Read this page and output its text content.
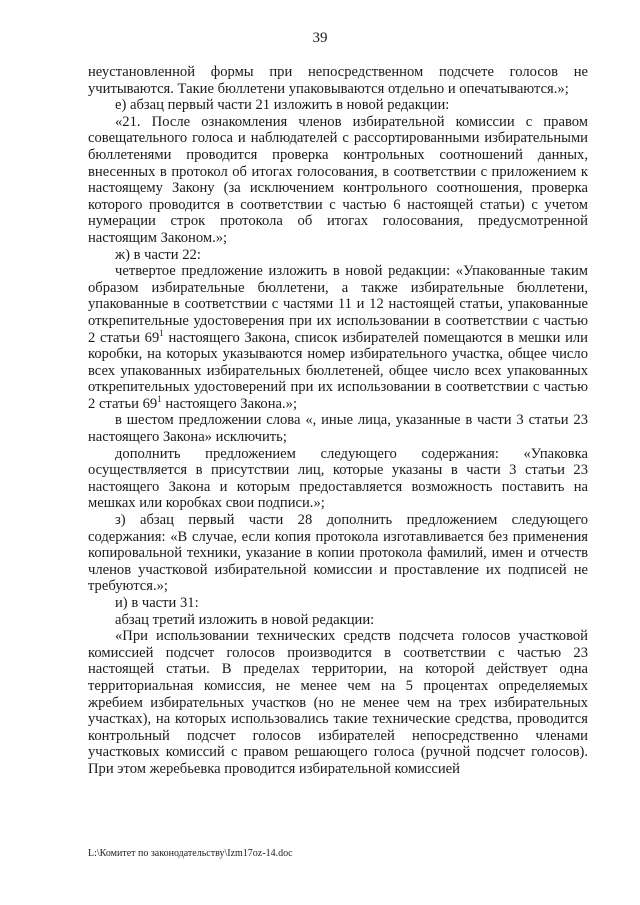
39

неустановленной формы при непосредственном подсчете голосов не учитываются. Такие бюллетени упаковываются отдельно и опечатываются.»;

е) абзац первый части 21 изложить в новой редакции:

«21. После ознакомления членов избирательной комиссии с правом совещательного голоса и наблюдателей с рассортированными избирательными бюллетенями проводится проверка контрольных соотношений данных, внесенных в протокол об итогах голосования, в соответствии с приложением к настоящему Закону (за исключением контрольного соотношения, проверка которого проводится в соответствии с частью 6 настоящей статьи) с учетом нумерации строк протокола об итогах голосования, предусмотренной настоящим Законом.»;

ж) в части 22:

четвертое предложение изложить в новой редакции: «Упакованные таким образом избирательные бюллетени, а также избирательные бюллетени, упакованные в соответствии с частями 11 и 12 настоящей статьи, упакованные открепительные удостоверения при их использовании в соответствии с частью 2 статьи $69^1$ настоящего Закона, список избирателей помещаются в мешки или коробки, на которых указываются номер избирательного участка, общее число всех упакованных избирательных бюллетеней, общее число всех упакованных открепительных удостоверений при их использовании в соответствии с частью 2 статьи $69^1$ настоящего Закона.»;

в шестом предложении слова «, иные лица, указанные в части 3 статьи 23 настоящего Закона» исключить;

дополнить предложением следующего содержания: «Упаковка осуществляется в присутствии лиц, которые указаны в части 3 статьи 23 настоящего Закона и которым предоставляется возможность поставить на мешках или коробках свои подписи.»;

з) абзац первый части 28 дополнить предложением следующего содержания: «В случае, если копия протокола изготавливается без применения копировальной техники, указание в копии протокола фамилий, имен и отчеств членов участковой избирательной комиссии и проставление их подписей не требуются.»;

и) в части 31:

абзац третий изложить в новой редакции:

«При использовании технических средств подсчета голосов участковой комиссией подсчет голосов производится в соответствии с частью 23 настоящей статьи. В пределах территории, на которой действует одна территориальная комиссия, не менее чем на 5 процентах определяемых жребием избирательных участков (но не менее чем на трех избирательных участках), на которых использовались такие технические средства, проводится контрольный подсчет голосов избирателей непосредственно членами участковых комиссий с правом решающего голоса (ручной подсчет голосов). При этом жеребьевка проводится избирательной комиссией

L:\Комитет по законодательству\Izm17oz-14.doc
